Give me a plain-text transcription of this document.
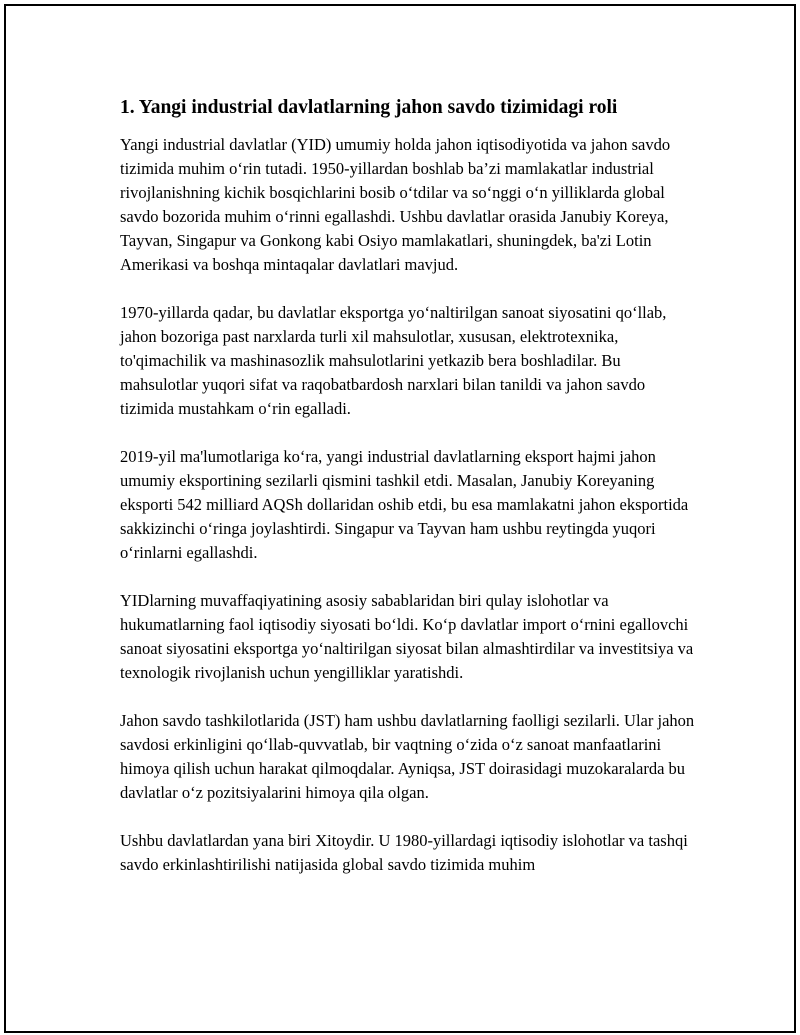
1. Yangi industrial davlatlarning jahon savdo tizimidagi roli

Yangi industrial davlatlar (YID) umumiy holda jahon iqtisodiyotida va jahon savdo tizimida muhim o‘rin tutadi. 1950-yillardan boshlab ba’zi mamlakatlar industrial rivojlanishning kichik bosqichlarini bosib o‘tdilar va so‘nggi o‘n yilliklarda global savdo bozorida muhim o‘rinni egallashdi. Ushbu davlatlar orasida Janubiy Koreya, Tayvan, Singapur va Gonkong kabi Osiyo mamlakatlari, shuningdek, ba'zi Lotin Amerikasi va boshqa mintaqalar davlatlari mavjud.

1970-yillarda qadar, bu davlatlar eksportga yo‘naltirilgan sanoat siyosatini qo‘llab, jahon bozoriga past narxlarda turli xil mahsulotlar, xususan, elektrotexnika, to'qimachilik va mashinasozlik mahsulotlarini yetkazib bera boshladilar. Bu mahsulotlar yuqori sifat va raqobatbardosh narxlari bilan tanildi va jahon savdo tizimida mustahkam o‘rin egalladi.

2019-yil ma'lumotlariga ko‘ra, yangi industrial davlatlarning eksport hajmi jahon umumiy eksportining sezilarli qismini tashkil etdi. Masalan, Janubiy Koreyaning eksporti 542 milliard AQSh dollaridan oshib etdi, bu esa mamlakatni jahon eksportida sakkizinchi o‘ringa joylashtirdi. Singapur va Tayvan ham ushbu reytingda yuqori o‘rinlarni egallashdi.

YIDlarning muvaffaqiyatining asosiy sabablaridan biri qulay islohotlar va hukumatlarning faol iqtisodiy siyosati bo‘ldi. Ko‘p davlatlar import o‘rnini egallovchi sanoat siyosatini eksportga yo‘naltirilgan siyosat bilan almashtirdilar va investitsiya va texnologik rivojlanish uchun yengilliklar yaratishdi.

Jahon savdo tashkilotlarida (JST) ham ushbu davlatlarning faolligi sezilarli. Ular jahon savdosi erkinligini qo‘llab-quvvatlab, bir vaqtning o‘zida o‘z sanoat manfaatlarini himoya qilish uchun harakat qilmoqdalar. Ayniqsa, JST doirasidagi muzokaralarda bu davlatlar o‘z pozitsiyalarini himoya qila olgan.

Ushbu davlatlardan yana biri Xitoydir. U 1980-yillardagi iqtisodiy islohotlar va tashqi savdo erkinlashtirilishi natijasida global savdo tizimida muhim
